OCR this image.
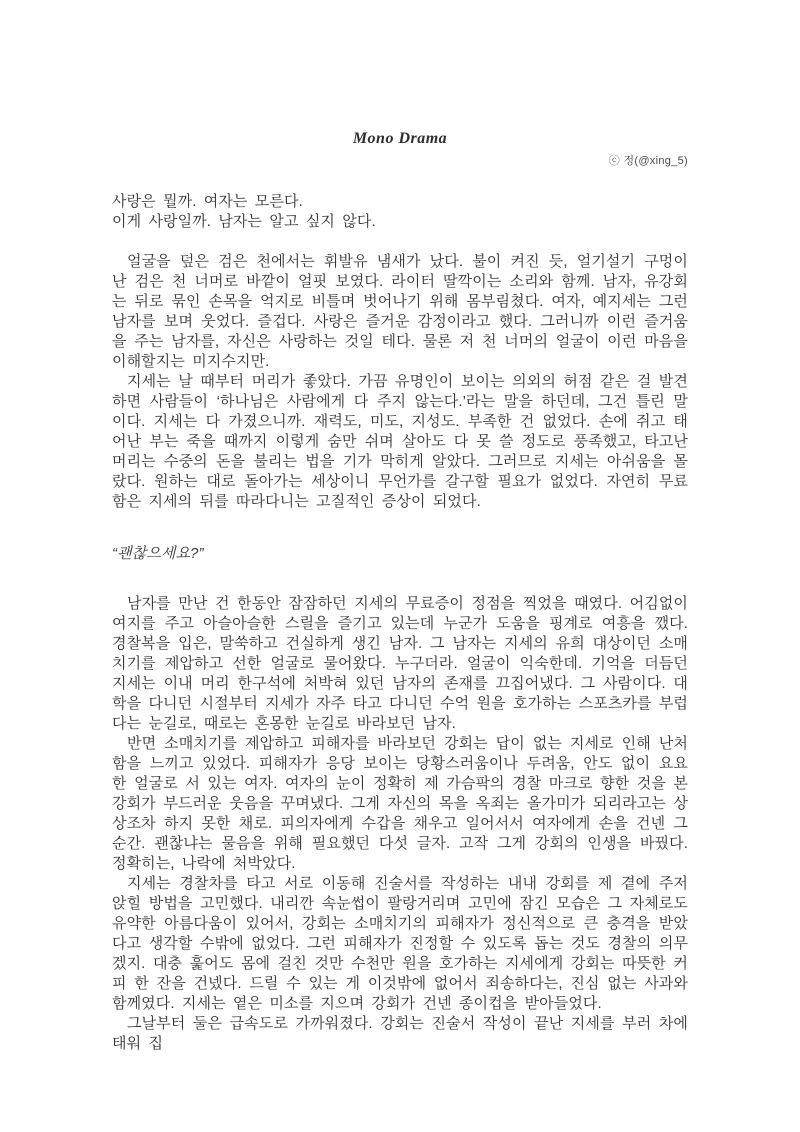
Mono Drama
ⓒ 정(@xing_5)

사랑은 뭘까. 여자는 모른다.

이게 사랑일까. 남자는 알고 싶지 않다.

얼굴을 덮은 검은 천에서는 휘발유 냄새가 났다. 불이 켜진 듯, 얼기설기 구멍이 난 검은 천 너머로 바깥이 얼핏 보였다. 라이터 딸깍이는 소리와 함께. 남자, 유강회는 뒤로 묶인 손목을 억지로 비틀며 벗어나기 위해 몸부림쳤다. 여자, 예지세는 그런 남자를 보며 웃었다. 즐겁다. 사랑은 즐거운 감정이라고 했다. 그러니까 이런 즐거움을 주는 남자를, 자신은 사랑하는 것일 테다. 물론 저 천 너머의 얼굴이 이런 마음을 이해할지는 미지수지만.

지세는 날 때부터 머리가 좋았다. 가끔 유명인이 보이는 의외의 허점 같은 걸 발견하면 사람들이 ‘하나님은 사람에게 다 주지 않는다.’라는 말을 하던데, 그건 틀린 말이다. 지세는 다 가졌으니까. 재력도, 미도, 지성도. 부족한 건 없었다. 손에 쥐고 태어난 부는 죽을 때까지 이렇게 숨만 쉬며 살아도 다 못 쓸 정도로 풍족했고, 타고난 머리는 수중의 돈을 불리는 법을 기가 막히게 알았다. 그러므로 지세는 아쉬움을 몰랐다. 원하는 대로 돌아가는 세상이니 무언가를 갈구할 필요가 없었다. 자연히 무료함은 지세의 뒤를 따라다니는 고질적인 증상이 되었다.

“괜찮으세요?”

남자를 만난 건 한동안 잠잠하던 지세의 무료증이 정점을 찍었을 때였다. 어김없이 여지를 주고 아슬아슬한 스릴을 즐기고 있는데 누군가 도움을 핑계로 여흥을 깼다. 경찰복을 입은, 말쑥하고 건실하게 생긴 남자. 그 남자는 지세의 유희 대상이던 소매치기를 제압하고 선한 얼굴로 물어왔다. 누구더라. 얼굴이 익숙한데. 기억을 더듬던 지세는 이내 머리 한구석에 처박혀 있던 남자의 존재를 끄집어냈다. 그 사람이다. 대학을 다니던 시절부터 지세가 자주 타고 다니던 수억 원을 호가하는 스포츠카를 부럽다는 눈길로, 때로는 혼몽한 눈길로 바라보던 남자.

반면 소매치기를 제압하고 피해자를 바라보던 강회는 답이 없는 지세로 인해 난처함을 느끼고 있었다. 피해자가 응당 보이는 당황스러움이나 두려움, 안도 없이 요요한 얼굴로 서 있는 여자. 여자의 눈이 정확히 제 가슴팍의 경찰 마크로 향한 것을 본 강회가 부드러운 웃음을 꾸며냈다. 그게 자신의 목을 옥죄는 올가미가 되리라고는 상상조차 하지 못한 채로. 피의자에게 수갑을 채우고 일어서서 여자에게 손을 건넨 그 순간. 괜찮냐는 물음을 위해 필요했던 다섯 글자. 고작 그게 강회의 인생을 바꿨다. 정확히는, 나락에 처박았다.

지세는 경찰차를 타고 서로 이동해 진술서를 작성하는 내내 강회를 제 곁에 주저앉힐 방법을 고민했다. 내리깐 속눈썹이 팔랑거리며 고민에 잠긴 모습은 그 자체로도 유약한 아름다움이 있어서, 강회는 소매치기의 피해자가 정신적으로 큰 충격을 받았다고 생각할 수밖에 없었다. 그런 피해자가 진정할 수 있도록 돕는 것도 경찰의 의무겠지. 대충 훑어도 몸에 걸친 것만 수천만 원을 호가하는 지세에게 강회는 따뜻한 커피 한 잔을 건넸다. 드릴 수 있는 게 이것밖에 없어서 죄송하다는, 진심 없는 사과와 함께였다. 지세는 옅은 미소를 지으며 강회가 건넨 종이컵을 받아들었다.

그날부터 둘은 급속도로 가까워졌다. 강회는 진술서 작성이 끝난 지세를 부러 차에 태워 집
